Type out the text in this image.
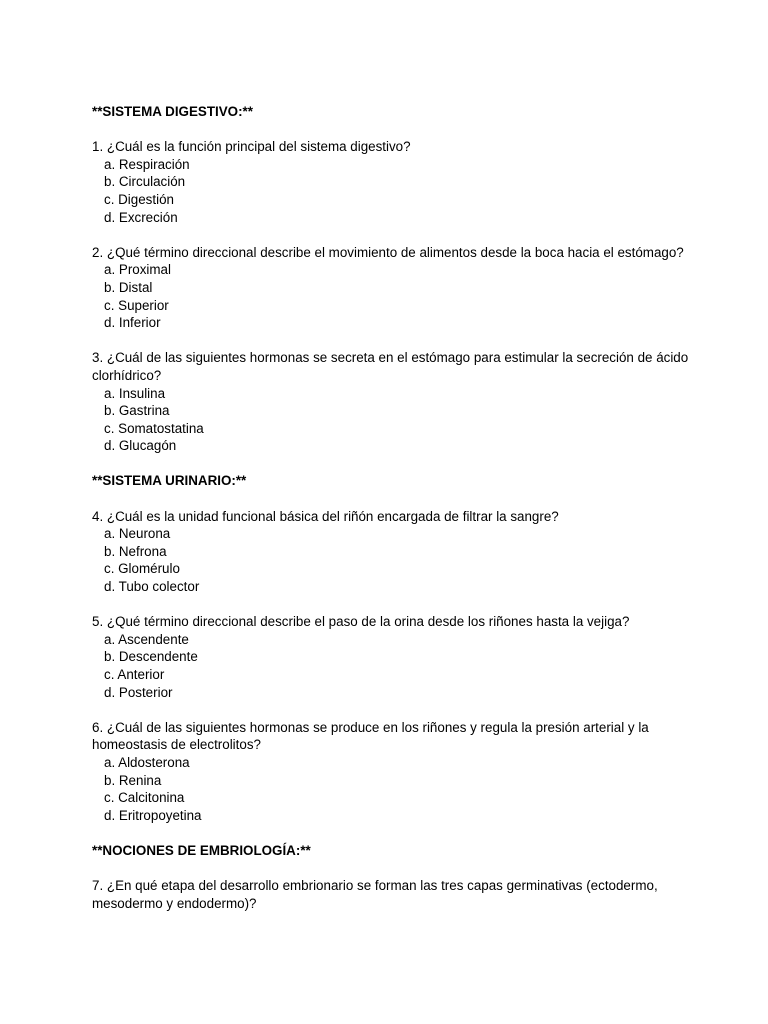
**SISTEMA DIGESTIVO:**

1. ¿Cuál es la función principal del sistema digestivo?

a. Respiración
b. Circulación
c. Digestión
d. Excreción

2. ¿Qué término direccional describe el movimiento de alimentos desde la boca hacia el estómago?

a. Proximal
b. Distal
c. Superior
d. Inferior

3. ¿Cuál de las siguientes hormonas se secreta en el estómago para estimular la secreción de ácido clorhídrico?

a. Insulina
b. Gastrina
c. Somatostatina
d. Glucagón

**SISTEMA URINARIO:**

4. ¿Cuál es la unidad funcional básica del riñón encargada de filtrar la sangre?

a. Neurona
b. Nefrona
c. Glomérulo
d. Tubo colector

5. ¿Qué término direccional describe el paso de la orina desde los riñones hasta la vejiga?

a. Ascendente
b. Descendente
c. Anterior
d. Posterior

6. ¿Cuál de las siguientes hormonas se produce en los riñones y regula la presión arterial y la homeostasis de electrolitos?

a. Aldosterona
b. Renina
c. Calcitonina
d. Eritropoyetina

**NOCIONES DE EMBRIOLOGÍA:**

7. ¿En qué etapa del desarrollo embrionario se forman las tres capas germinativas (ectodermo, mesodermo y endodermo)?
